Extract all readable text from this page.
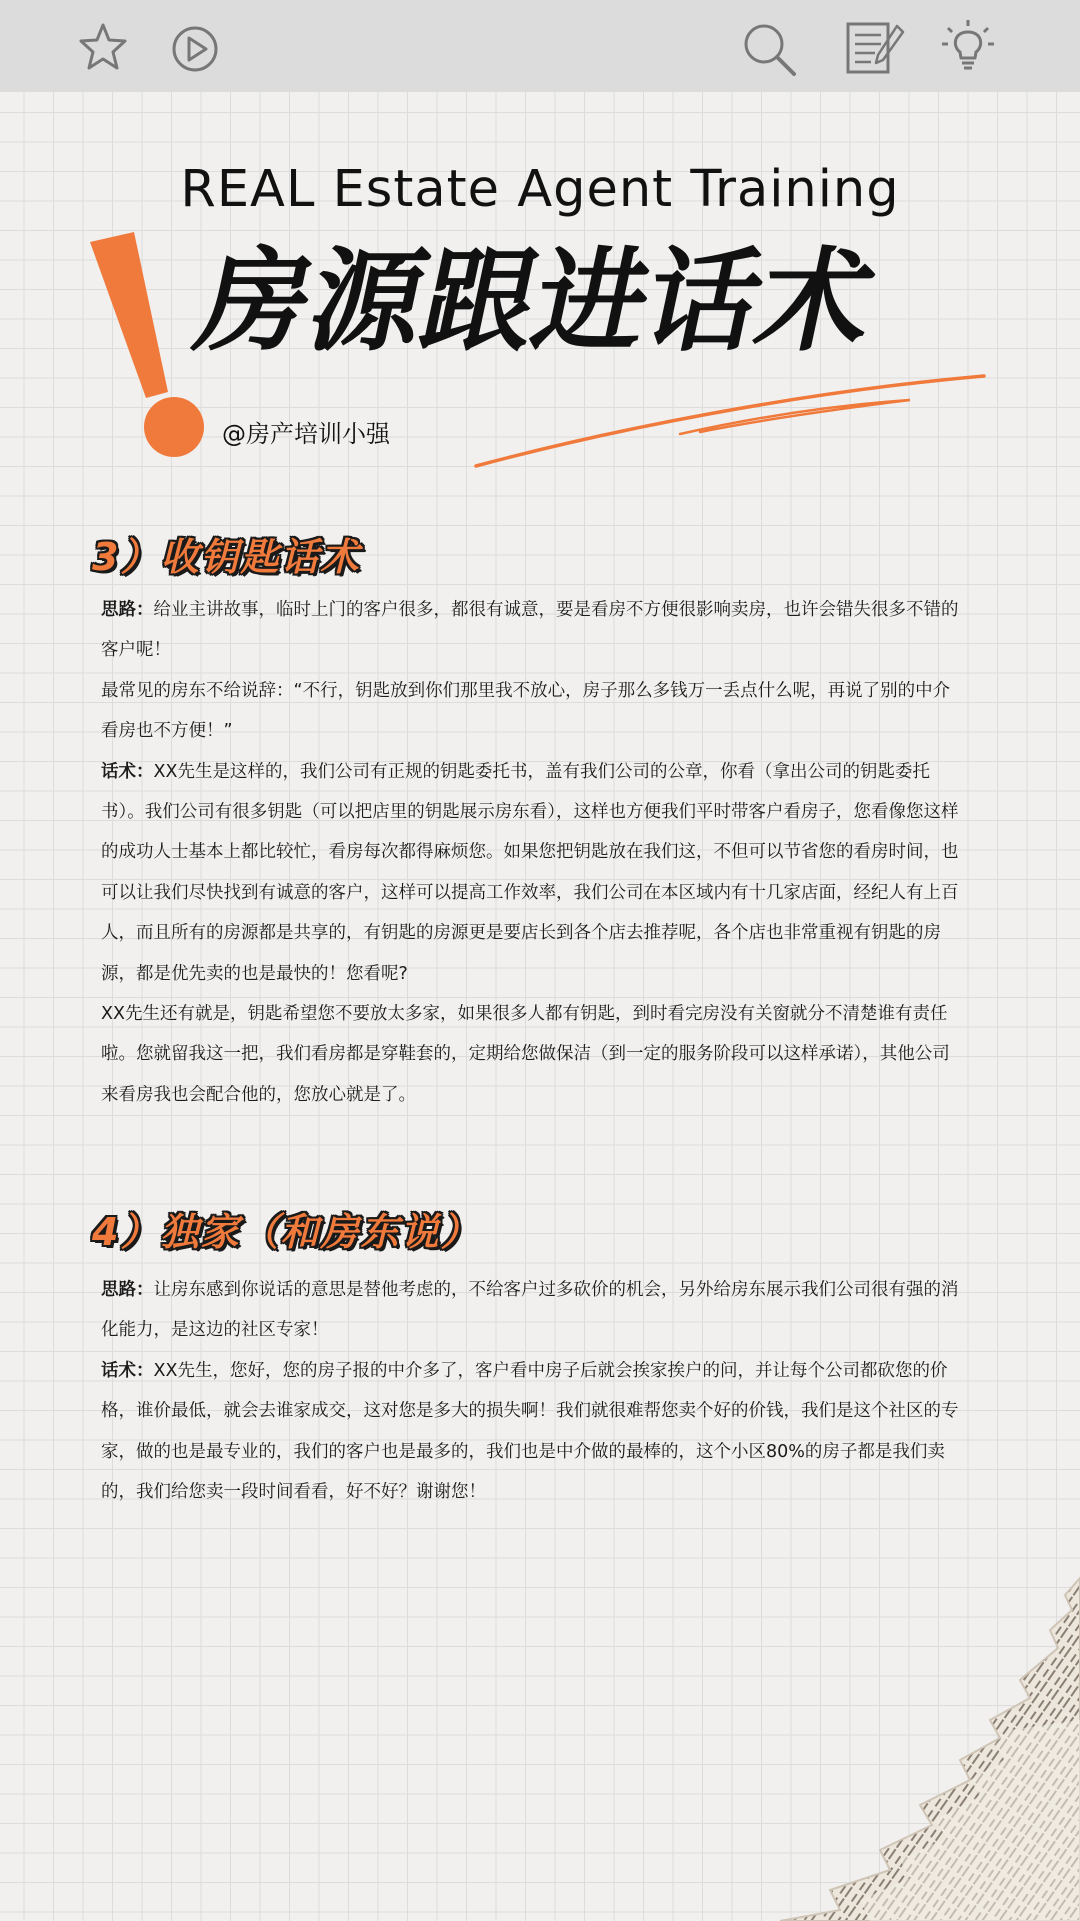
REAL Estate Agent Training
房源跟进话术

@房产培训小强

3）收钥匙话术

思路：给业主讲故事，临时上门的客户很多，都很有诚意，要是看房不方便很影响卖房，也许会错失很多不错的客户呢！

最常见的房东不给说辞：“不行，钥匙放到你们那里我不放心，房子那么多钱万一丢点什么呢，再说了别的中介看房也不方便！”

话术：XX先生是这样的，我们公司有正规的钥匙委托书，盖有我们公司的公章，你看（拿出公司的钥匙委托书）。我们公司有很多钥匙（可以把店里的钥匙展示房东看），这样也方便我们平时带客户看房子，您看像您这样的成功人士基本上都比较忙，看房每次都得麻烦您。如果您把钥匙放在我们这，不但可以节省您的看房时间，也可以让我们尽快找到有诚意的客户，这样可以提高工作效率，我们公司在本区域内有十几家店面，经纪人有上百人，而且所有的房源都是共享的，有钥匙的房源更是要店长到各个店去推荐呢，各个店也非常重视有钥匙的房源，都是优先卖的也是最快的！您看呢?

XX先生还有就是，钥匙希望您不要放太多家，如果很多人都有钥匙，到时看完房没有关窗就分不清楚谁有责任啦。您就留我这一把，我们看房都是穿鞋套的，定期给您做保洁（到一定的服务阶段可以这样承诺），其他公司来看房我也会配合他的，您放心就是了。

4）独家（和房东说）

思路：让房东感到你说话的意思是替他考虑的，不给客户过多砍价的机会，另外给房东展示我们公司很有强的消化能力，是这边的社区专家！

话术：XX先生，您好，您的房子报的中介多了，客户看中房子后就会挨家挨户的问，并让每个公司都砍您的价格，谁价最低，就会去谁家成交，这对您是多大的损失啊！我们就很难帮您卖个好的价钱，我们是这个社区的专家，做的也是最专业的，我们的客户也是最多的，我们也是中介做的最棒的，这个小区80%的房子都是我们卖的，我们给您卖一段时间看看，好不好？谢谢您！
